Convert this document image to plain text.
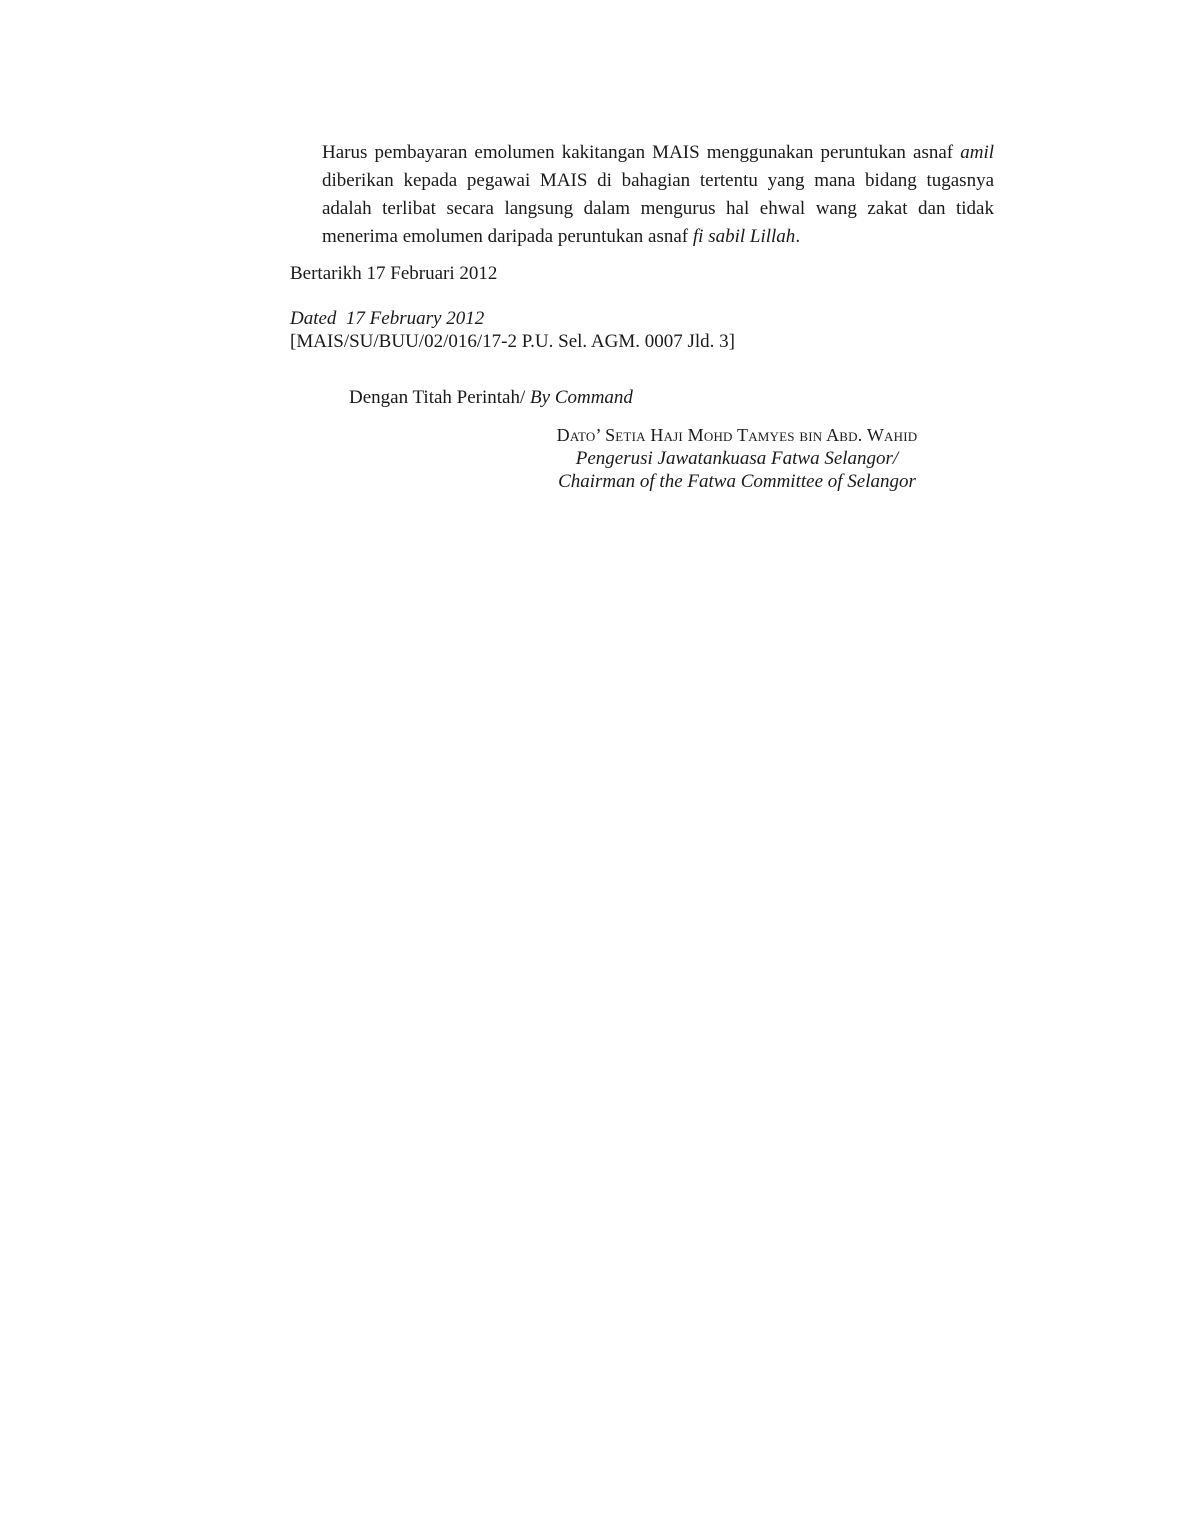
Harus pembayaran emolumen kakitangan MAIS menggunakan peruntukan asnaf amil
diberikan kepada pegawai MAIS di bahagian tertentu yang mana bidang tugasnya
adalah terlibat secara langsung dalam mengurus hal ehwal wang zakat dan tidak
menerima emolumen daripada peruntukan asnaf fi sabil Lillah.
Bertarikh 17 Februari 2012
Dated  17 February 2012
[MAIS/SU/BUU/02/016/17-2 P.U. Sel. AGM. 0007 Jld. 3]
Dengan Titah Perintah/ By Command
Dato’ Setia Haji Mohd Tamyes bin Abd. Wahid
Pengerusi Jawatankuasa Fatwa Selangor/
Chairman of the Fatwa Committee of Selangor
